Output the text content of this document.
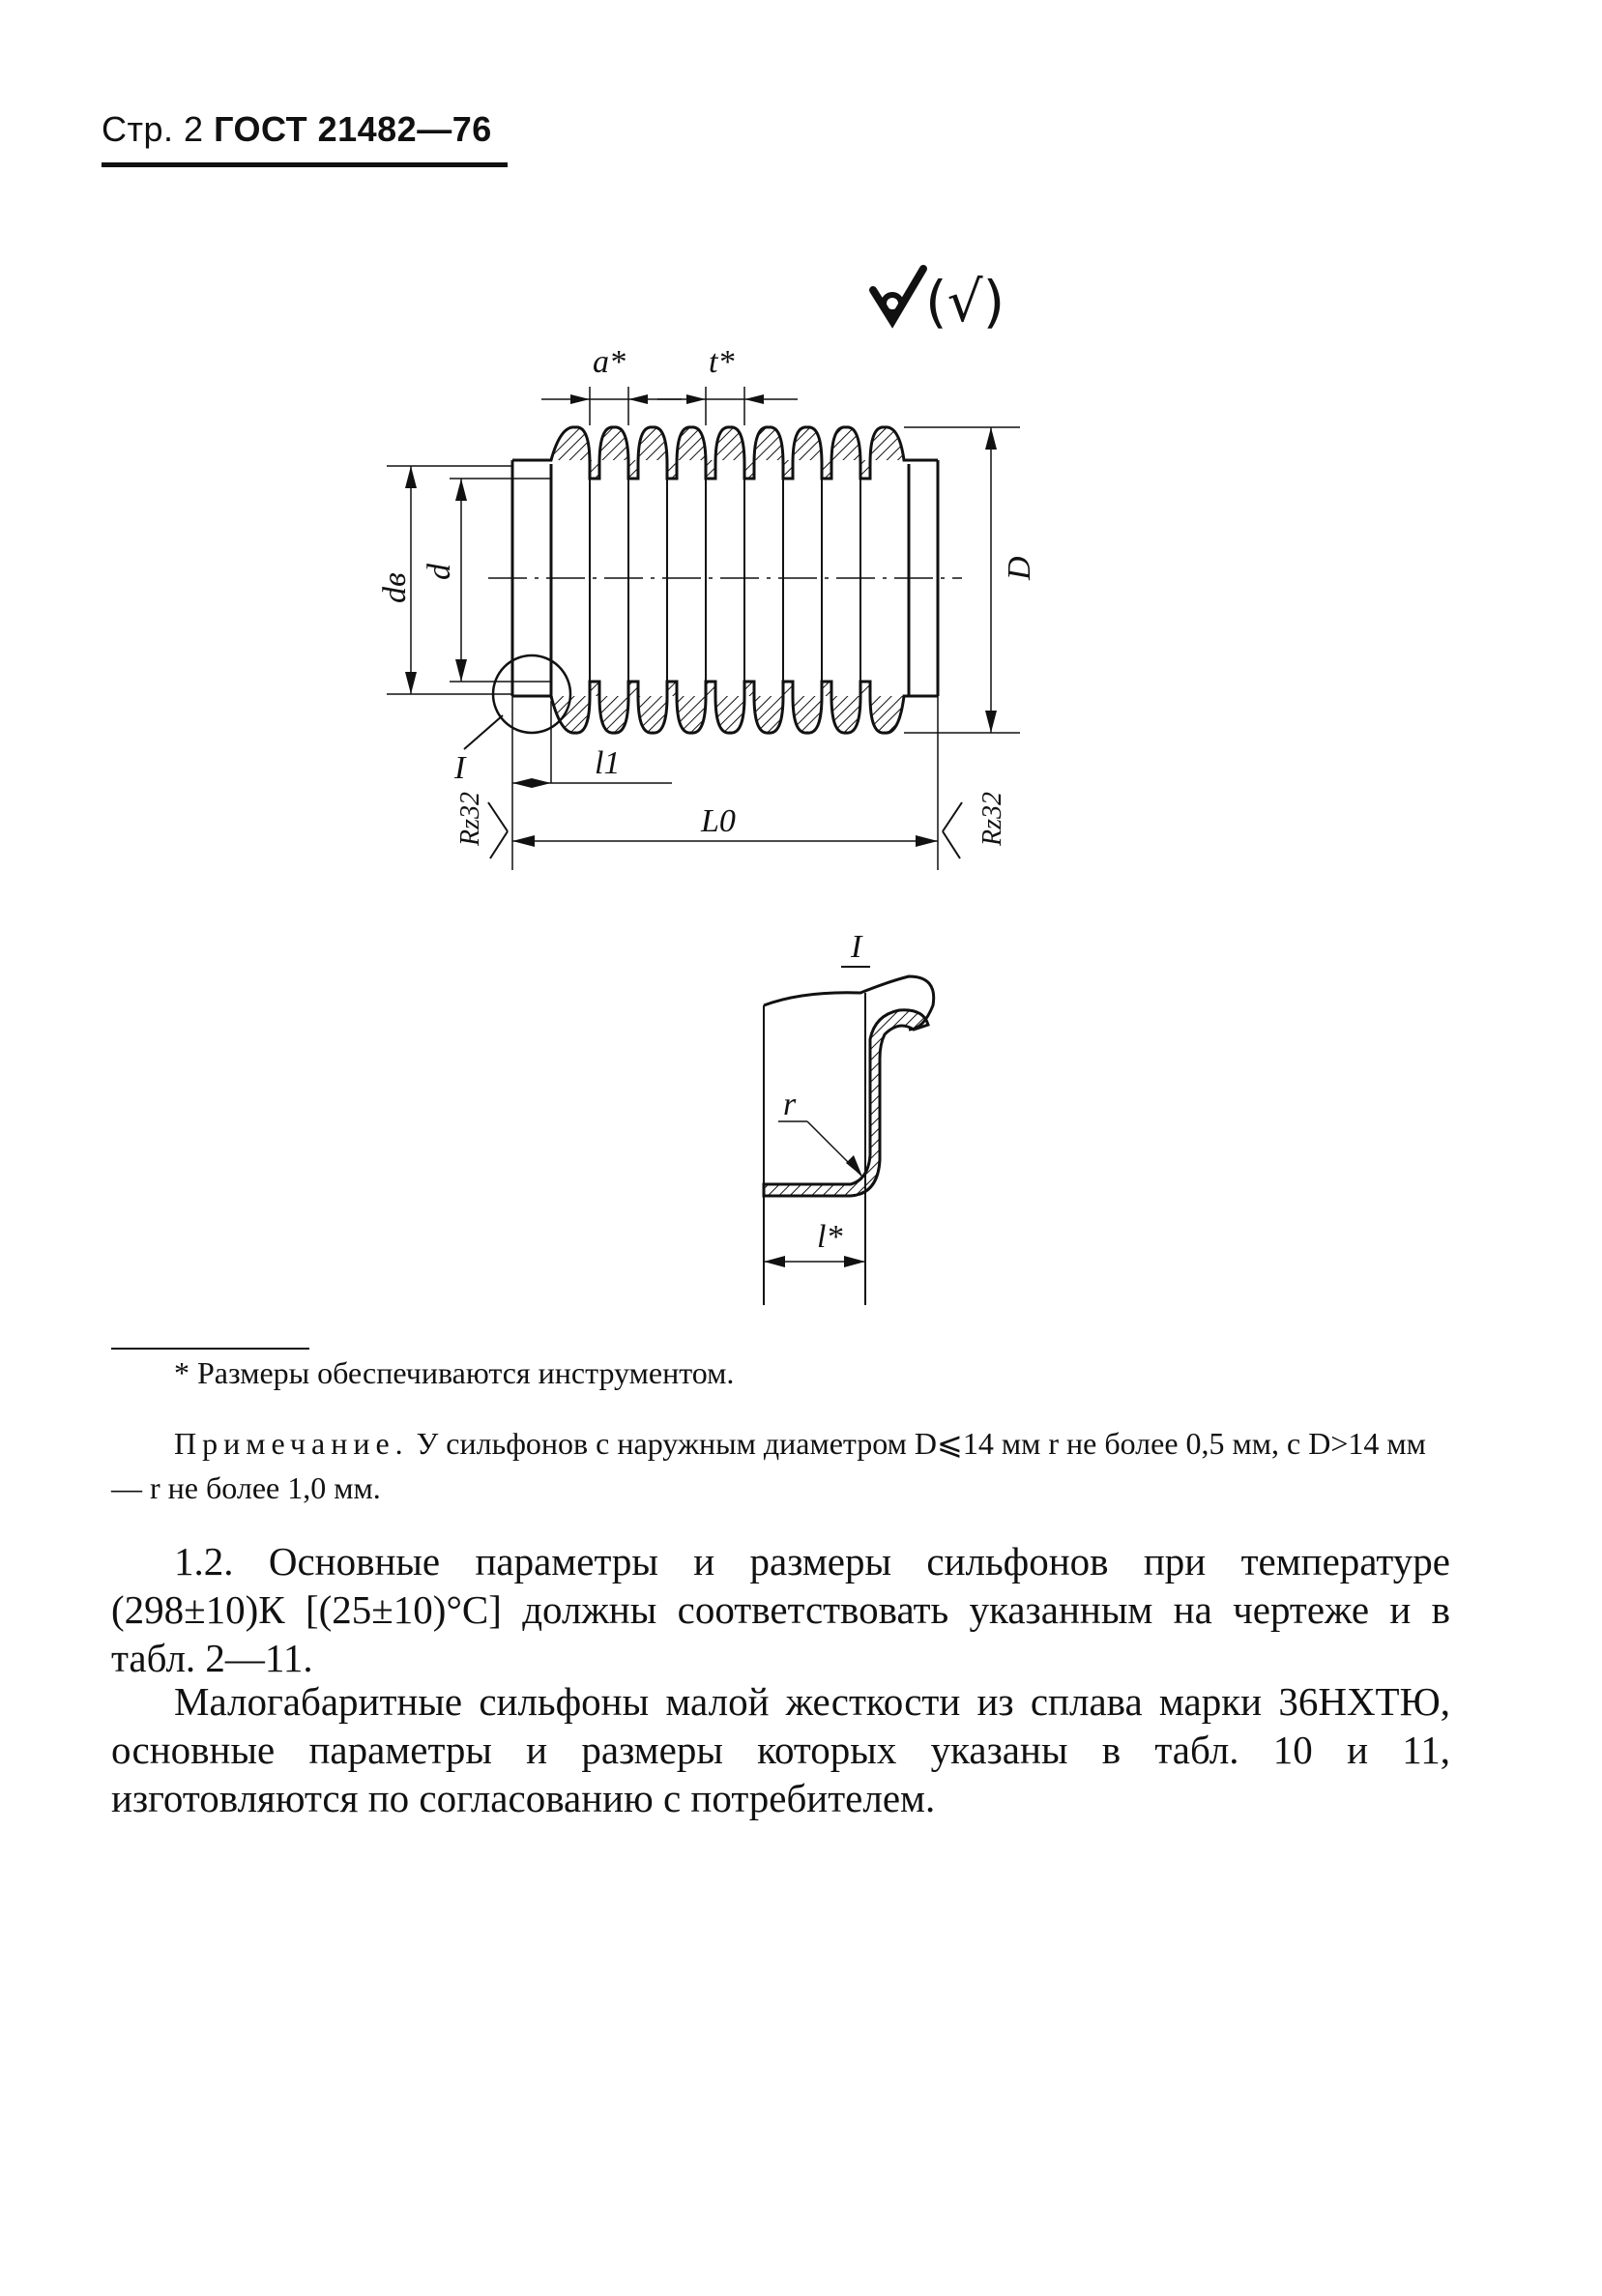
Стр. 2 ГОСТ 21482—76
(√)
a*	t*
dв
d	D
I	l1
L0
Rz32	Rz32
I
r
l*
* Размеры обеспечиваются инструментом.
Примечание. У сильфонов с наружным диаметром D⩽14 мм r не более 0,5 мм, с D>14 мм — r не более 1,0 мм.

1.2. Основные параметры и размеры сильфонов при температуре (298±10)К [(25±10)°С] должны соответствовать указанным на чертеже и в табл. 2—11.

Малогабаритные сильфоны малой жесткости из сплава марки 36НХТЮ, основные параметры и размеры которых указаны в табл. 10 и 11, изготовляются по согласованию с потребителем.
